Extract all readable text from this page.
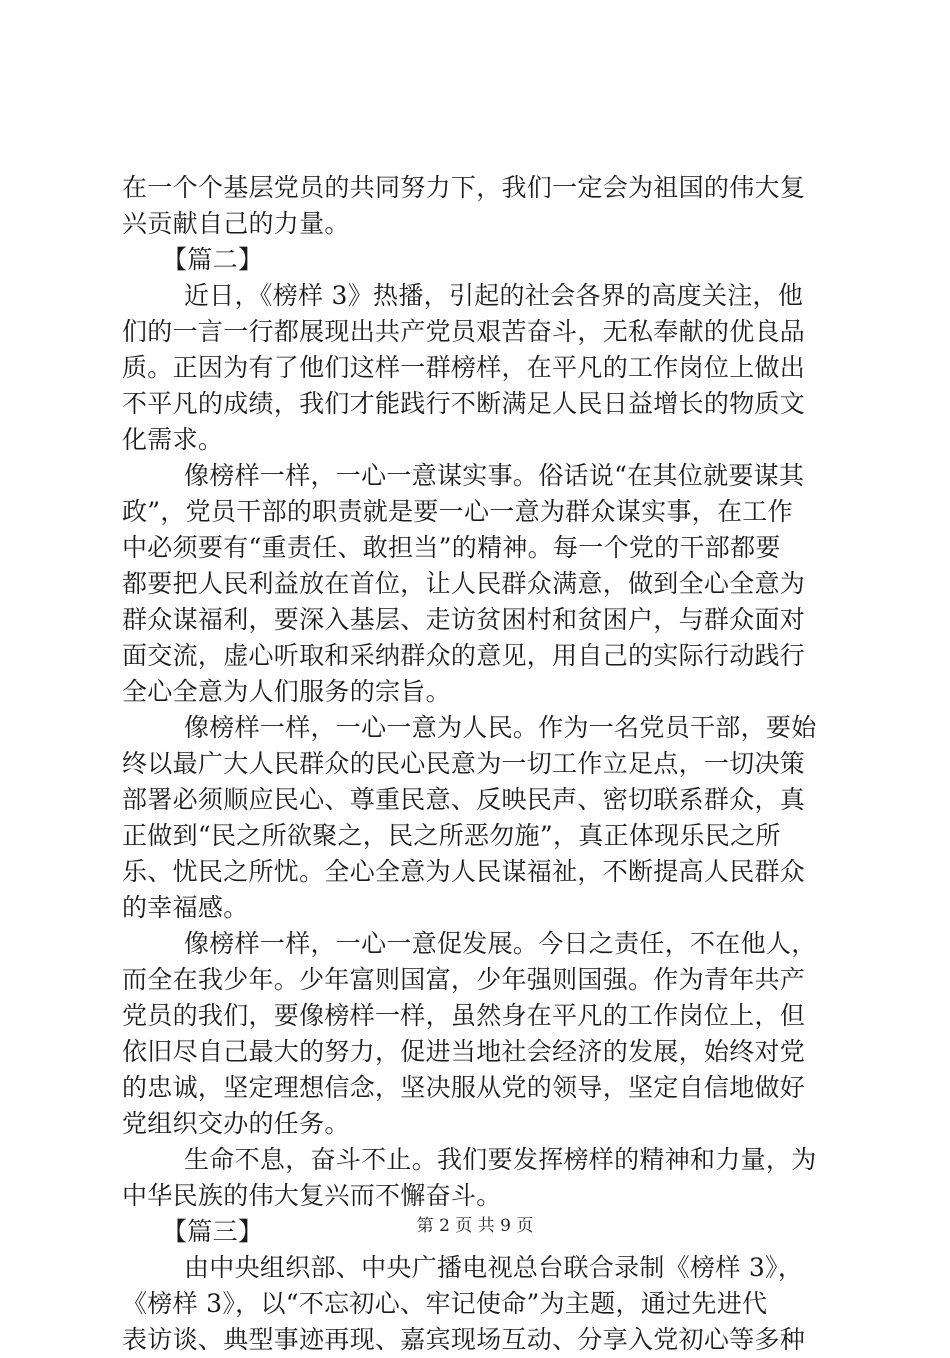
在一个个基层党员的共同努力下，我们一定会为祖国的伟大复
兴贡献自己的力量。
【篇二】
近日，《榜样 3》热播，引起的社会各界的高度关注，他
们的一言一行都展现出共产党员艰苦奋斗，无私奉献的优良品
质。正因为有了他们这样一群榜样，在平凡的工作岗位上做出
不平凡的成绩，我们才能践行不断满足人民日益增长的物质文
化需求。
像榜样一样，一心一意谋实事。俗话说“在其位就要谋其
政”，党员干部的职责就是要一心一意为群众谋实事，在工作
中必须要有“重责任、敢担当”的精神。每一个党的干部都要
都要把人民利益放在首位，让人民群众满意，做到全心全意为
群众谋福利，要深入基层、走访贫困村和贫困户，与群众面对
面交流，虚心听取和采纳群众的意见，用自己的实际行动践行
全心全意为人们服务的宗旨。
像榜样一样，一心一意为人民。作为一名党员干部，要始
终以最广大人民群众的民心民意为一切工作立足点，一切决策
部署必须顺应民心、尊重民意、反映民声、密切联系群众，真
正做到“民之所欲聚之，民之所恶勿施”，真正体现乐民之所
乐、忧民之所忧。全心全意为人民谋福祉，不断提高人民群众
的幸福感。
像榜样一样，一心一意促发展。今日之责任，不在他人，
而全在我少年。少年富则国富，少年强则国强。作为青年共产
党员的我们，要像榜样一样，虽然身在平凡的工作岗位上，但
依旧尽自己最大的努力，促进当地社会经济的发展，始终对党
的忠诚，坚定理想信念，坚决服从党的领导，坚定自信地做好
党组织交办的任务。
生命不息，奋斗不止。我们要发挥榜样的精神和力量，为
中华民族的伟大复兴而不懈奋斗。
【篇三】
由中央组织部、中央广播电视总台联合录制《榜样 3》，
《榜样 3》，以“不忘初心、牢记使命”为主题，通过先进代
表访谈、典型事迹再现、嘉宾现场互动、分享入党初心等多种
第 2 页 共 9 页
